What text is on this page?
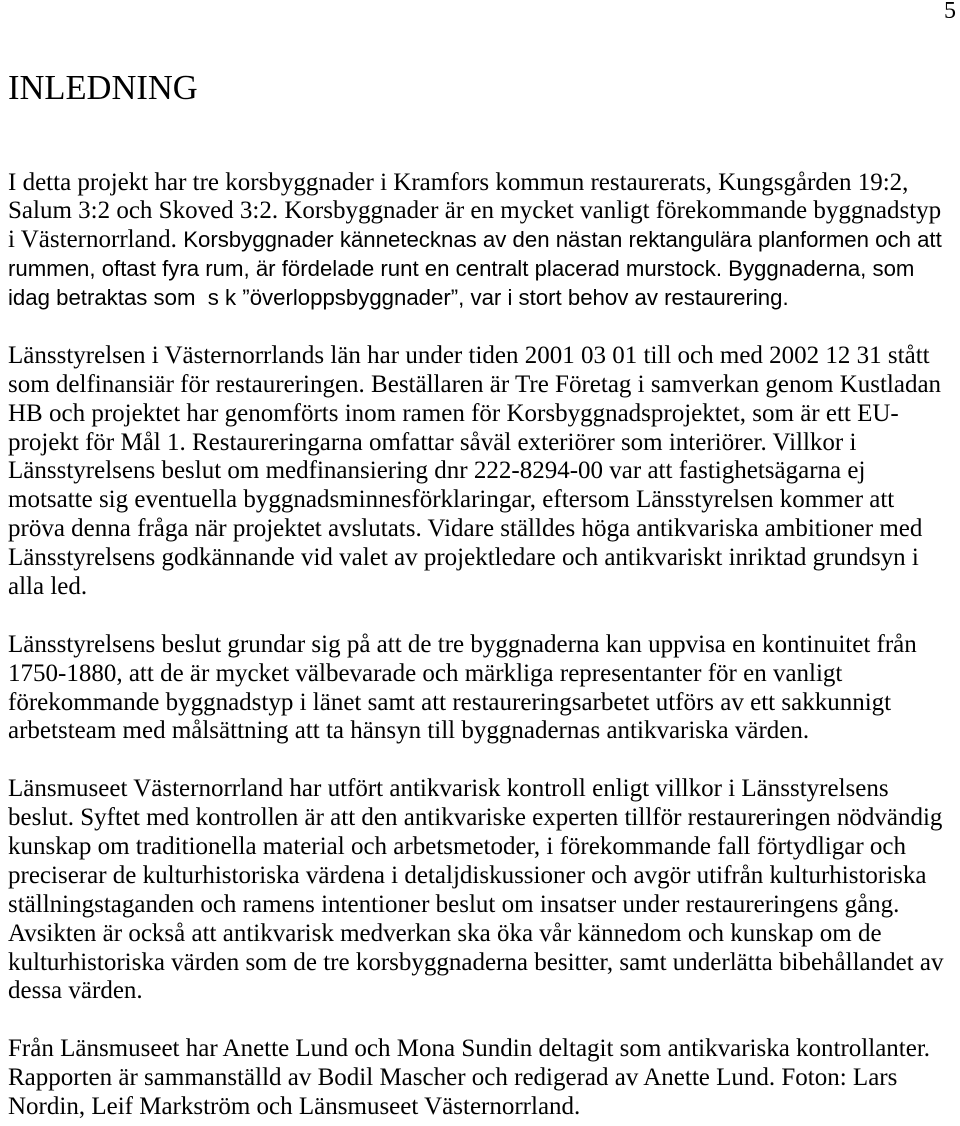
5
INLEDNING
I detta projekt har tre korsbyggnader i Kramfors kommun restaurerats, Kungsgården 19:2,
Salum 3:2 och Skoved 3:2. Korsbyggnader är en mycket vanligt förekommande byggnadstyp
i Västernorrland. Korsbyggnader kännetecknas av den nästan rektangulära planformen och att
rummen, oftast fyra rum, är fördelade runt en centralt placerad murstock. Byggnaderna, som
idag betraktas som  s k ”överloppsbyggnader”, var i stort behov av restaurering.
Länsstyrelsen i Västernorrlands län har under tiden 2001 03 01 till och med 2002 12 31 stått
som delfinansiär för restaureringen. Beställaren är Tre Företag i samverkan genom Kustladan
HB och projektet har genomförts inom ramen för Korsbyggnadsprojektet, som är ett EU-
projekt för Mål 1. Restaureringarna omfattar såväl exteriörer som interiörer. Villkor i
Länsstyrelsens beslut om medfinansiering dnr 222-8294-00 var att fastighetsägarna ej
motsatte sig eventuella byggnadsminnesförklaringar, eftersom Länsstyrelsen kommer att
pröva denna fråga när projektet avslutats. Vidare ställdes höga antikvariska ambitioner med
Länsstyrelsens godkännande vid valet av projektledare och antikvariskt inriktad grundsyn i
alla led.
Länsstyrelsens beslut grundar sig på att de tre byggnaderna kan uppvisa en kontinuitet från
1750-1880, att de är mycket välbevarade och märkliga representanter för en vanligt
förekommande byggnadstyp i länet samt att restaureringsarbetet utförs av ett sakkunnigt
arbetsteam med målsättning att ta hänsyn till byggnadernas antikvariska värden.
Länsmuseet Västernorrland har utfört antikvarisk kontroll enligt villkor i Länsstyrelsens
beslut. Syftet med kontrollen är att den antikvariske experten tillför restaureringen nödvändig
kunskap om traditionella material och arbetsmetoder, i förekommande fall förtydligar och
preciserar de kulturhistoriska värdena i detaljdiskussioner och avgör utifrån kulturhistoriska
ställningstaganden och ramens intentioner beslut om insatser under restaureringens gång.
Avsikten är också att antikvarisk medverkan ska öka vår kännedom och kunskap om de
kulturhistoriska värden som de tre korsbyggnaderna besitter, samt underlätta bibehållandet av
dessa värden.
Från Länsmuseet har Anette Lund och Mona Sundin deltagit som antikvariska kontrollanter.
Rapporten är sammanställd av Bodil Mascher och redigerad av Anette Lund. Foton: Lars
Nordin, Leif Markström och Länsmuseet Västernorrland.
